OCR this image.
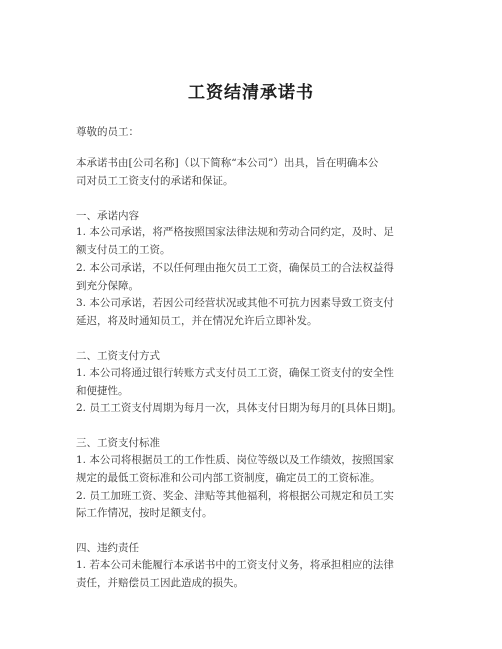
工资结清承诺书
尊敬的员工：
本承诺书由[公司名称]（以下简称“本公司”）出具，旨在明确本公
司对员工工资支付的承诺和保证。
一、承诺内容
1. 本公司承诺，将严格按照国家法律法规和劳动合同约定，及时、足
额支付员工的工资。
2. 本公司承诺，不以任何理由拖欠员工工资，确保员工的合法权益得
到充分保障。
3. 本公司承诺，若因公司经营状况或其他不可抗力因素导致工资支付
延迟，将及时通知员工，并在情况允许后立即补发。
二、工资支付方式
1. 本公司将通过银行转账方式支付员工工资，确保工资支付的安全性
和便捷性。
2. 员工工资支付周期为每月一次，具体支付日期为每月的[具体日期]。
三、工资支付标准
1. 本公司将根据员工的工作性质、岗位等级以及工作绩效，按照国家
规定的最低工资标准和公司内部工资制度，确定员工的工资标准。
2. 员工加班工资、奖金、津贴等其他福利，将根据公司规定和员工实
际工作情况，按时足额支付。
四、违约责任
1. 若本公司未能履行本承诺书中的工资支付义务，将承担相应的法律
责任，并赔偿员工因此造成的损失。
